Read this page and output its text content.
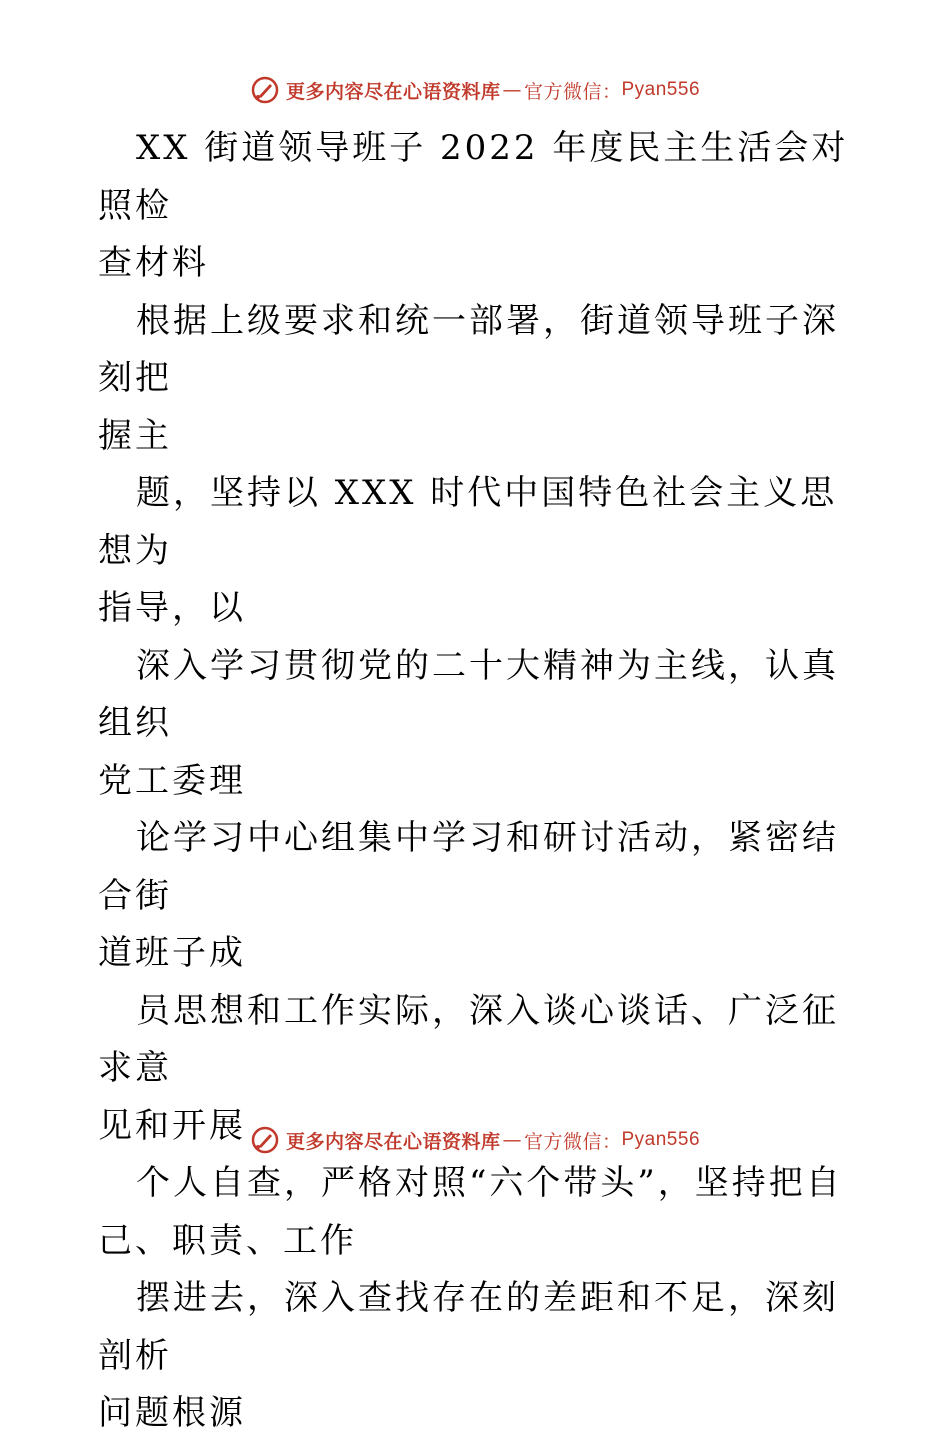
更多内容尽在心语资料库 — 官方微信： Pyan556

XX 街道领导班子 2022 年度民主生活会对照检
查材料

根据上级要求和统一部署，街道领导班子深刻把
握主

题，坚持以 XXX 时代中国特色社会主义思想为
指导，以

深入学习贯彻党的二十大精神为主线，认真组织
党工委理

论学习中心组集中学习和研讨活动，紧密结合街
道班子成

员思想和工作实际，深入谈心谈话、广泛征求意
见和开展

个人自查，严格对照“六个带头”，坚持把自
己、职责、工作

摆进去，深入查找存在的差距和不足，深刻剖析
问题根源

更多内容尽在心语资料库 — 官方微信： Pyan556
